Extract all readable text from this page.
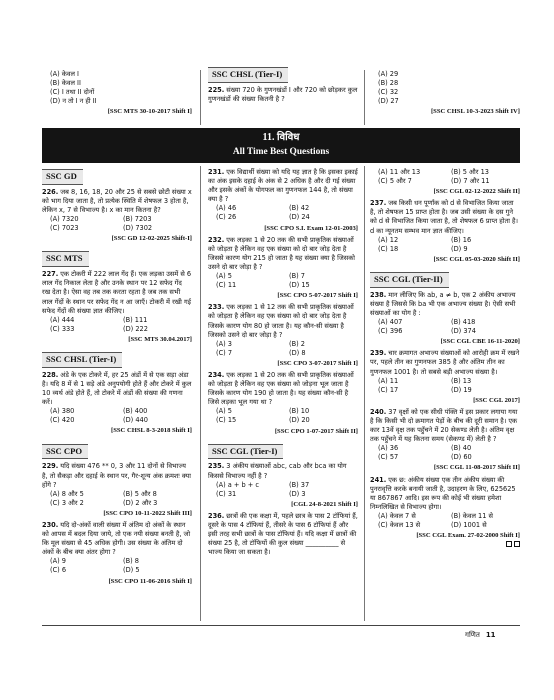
(A) केवल I
(B) केवल II
(C) I तथा II दोनों
(D) न तो I न ही II
[SSC MTS 30-10-2017 Shift I]
SSC CHSL (Tier-I)
225. संख्या 720 के गुणनखंडों I और 720 को छोड़कर कुल गुणनखंडों की संख्या कितनी है ?
(A) 29
(B) 28
(C) 32
(D) 27
[SSC CHSL 10-3-2023 Shift IV]
11. विविध
All Time Best Questions
SSC GD
226. जब 8, 16, 18, 20 और 25 से सबसे छोटी संख्या x को भाग दिया जाता है, तो प्रत्येक स्थिति में शेषफल 3 होता है, लेकिन x, 7 से विभाज्य है। x का मान कितना है?
(A) 7320	(B) 7203
(C) 7023	(D) 7302
[SSC GD 12-02-2025 Shift-I]
SSC MTS
227. एक टोकरी में 222 लाल गेंद हैं। एक लड़का उसमें से 6 लाल गेंद निकाल लेता है और उनके स्थान पर 12 सफेद गेंद रख देता है। ऐसा वह तब तक करता रहता है जब तक सभी लाल गेंदों के स्थान पर सफेद गेंद न आ जाएँ। टोकरी में रखी गई सफेद गेंदों की संख्या ज्ञात कीजिए।
(A) 444	(B) 111
(C) 333	(D) 222
[SSC MTS 30.04.2017]
SSC CHSL (Tier-I)
228. अंडे के एक टोकरे में, हर 25 अंडों में से एक सड़ा अंडा है। यदि 8 में से 1 सड़े अंडे अनुपयोगी होते हैं और टोकरे में कुल 10 व्यर्थ अंडे होते हैं, तो टोकरे में अंडों की संख्या की गणना करें।
(A) 380	(B) 400
(C) 420	(D) 440
[SSC CHSL 8-3-2018 Shift I]
SSC CPO
229. यदि संख्या 476 ** 0, 3 और 11 दोनों से विभाज्य है, तो सैकड़ा और दहाई के स्थान पर, गैर-शून्य अंक क्रमशः क्या होंगे ?
(A) 8 और 5	(B) 5 और 8
(C) 3 और 2	(D) 2 और 3
[SSC CPO 10-11-2022 Shift III]
230. यदि दो-अंकों वाली संख्या में अंतिम दो अंकों के स्थान को आपस में बदल दिया जाये, तो एक नयी संख्या बनती है, जो कि मूल संख्या से 45 अधिक होगी। उस संख्या के अंतिम दो अंकों के बीच क्या अंतर होगा ?
(A) 9	(B) 8
(C) 6	(D) 5
[SSC CPO 11-06-2016 Shift I]
231. एक विद्यार्थी संख्या को यदि यह ज्ञात है कि इसका इकाई का अंक इसके दहाई के अंक से 2 अधिक है और दी गई संख्या और इसके अंकों के योगफल का गुणनफल 144 है, तो संख्या क्या है ?
(A) 46	(B) 42
(C) 26	(D) 24
[SSC CPO S.I. Exam 12-01-2003]
232. एक लड़का 1 से 20 तक की सभी प्राकृतिक संख्याओं को जोड़ता है लेकिन वह एक संख्या को दो बार जोड़ देता है जिससे कारण योग 215 हो जाता है यह संख्या क्या है जिसको उसने दो बार जोड़ा है ?
(A) 5	(B) 7
(C) 11	(D) 15
[SSC CPO 5-07-2017 Shift I]
233. एक लड़का 1 से 12 तक की सभी प्राकृतिक संख्याओं को जोड़ता है लेकिन वह एक संख्या को दो बार जोड़ देता है जिसके कारण योग 80 हो जाता है। यह कौन-सी संख्या है जिसको उसने दो बार जोड़ा है ?
(A) 3	(B) 2
(C) 7	(D) 8
[SSC CPO 3-07-2017 Shift I]
234. एक लड़का 1 से 20 तक की सभी प्राकृतिक संख्याओं को जोड़ता है लेकिन वह एक संख्या को जोड़ना भूल जाता है जिसके कारण योग 190 हो जाता है। यह संख्या कौन-सी है जिसे लड़का भूल गया था ?
(A) 5	(B) 10
(C) 15	(D) 20
[SSC CPO 1-07-2017 Shift II]
SSC CGL (Tier-I)
235. 3 अंकीय संख्याओं abc, cab और bca का योग किससे विभाज्य नहीं है ?
(A) a + b + c	(B) 37
(C) 31	(D) 3
[CGL 24-8-2021 Shift I]
236. छात्रों की एक कक्षा में, पहले छात्र के पास 2 टॉफियां हैं, दूसरे के पास 4 टॉफियां हैं, तीसरे के पास 6 टॉफियां हैं और इसी तरह सभी छात्रों के पास टॉफियां हैं। यदि कक्षा में छात्रों की संख्या 25 है, तो टॉफियों की कुल संख्या __________ से भाज्य किया जा सकता है।
(A) 11 और 13	(B) 5 और 13
(C) 5 और 7	(D) 7 और 11
[SSC CGL 02-12-2022 Shift II]
237. जब किसी धन पूर्णांक को d से विभाजित किया जाता है, तो शेषफल 15 प्राप्त होता है। जब उसी संख्या के दस गुने को d से विभाजित किया जाता है, तो शेषफल 6 प्राप्त होता है। d का न्यूनतम सम्भव मान ज्ञात कीजिए।
(A) 12	(B) 16
(C) 18	(D) 9
[SSC CGL 05-03-2020 Shift II]
SSC CGL (Tier-II)
238. मान लीजिए कि ab, a ≠ b, एक 2 अंकीय अभाज्य संख्या है जिससे कि ba भी एक अभाज्य संख्या है। ऐसी सभी संख्याओं का योग है :
(A) 407	(B) 418
(C) 396	(D) 374
[SSC CGL CBE 16-11-2020]
239. चार क्रमागत अभाज्य संख्याओं को आरोही क्रम में रखने पर, पहले तीन का गुणनफल 385 है और अंतिम तीन का गुणनफल 1001 है। तो सबसे बड़ी अभाज्य संख्या है।
(A) 11	(B) 13
(C) 17	(D) 19
[SSC CGL 2017]
240. 37 वृक्षों को एक सीधी पंक्ति में इस प्रकार लगाया गया है कि किसी भी दो क्रमागत पेड़ों के बीच की दूरी समान है। एक कार 13वें वृक्ष तक पहुँचने में 20 सेकण्ड लेती है। अंतिम वृक्ष तक पहुँचने में यह कितना समय (सेकण्ड में) लेती है ?
(A) 36	(B) 40
(C) 57	(D) 60
[SSC CGL 11-08-2017 Shift II]
241. एक छ: अंकीय संख्या एक तीन अंकीय संख्या की पुनरावृत्ति करके बनायी जाती है, उदाहरण के लिए, 625625 या 867867 आदि। इस रूप की कोई भी संख्या हमेशा निम्नलिखित से विभाज्य होगा।
(A) केवल 7 से	(B) केवल 11 से
(C) केवल 13 से	(D) 1001 से
[SSC CGL Exam. 27-02-2000 Shift I]
गणित 11
